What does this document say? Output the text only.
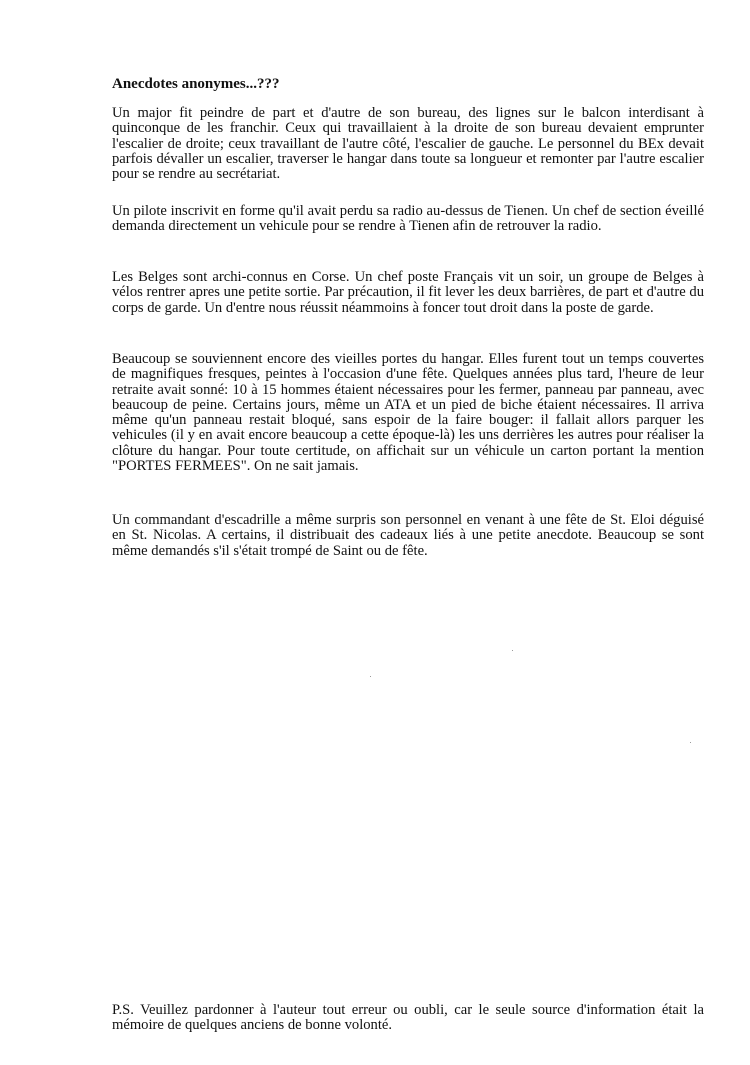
Anecdotes anonymes...???

Un major fit peindre de part et d'autre de son bureau, des lignes sur le balcon interdisant à quinconque de les franchir. Ceux qui travaillaient à la droite de son bureau devaient emprunter l'escalier de droite; ceux travaillant de l'autre côté, l'escalier de gauche. Le personnel du BEx devait parfois dévaller un escalier, traverser le hangar dans toute sa longueur et remonter par l'autre escalier pour se rendre au secrétariat.

Un pilote inscrivit en forme qu'il avait perdu sa radio au-dessus de Tienen. Un chef de section éveillé demanda directement un vehicule pour se rendre à Tienen afin de retrouver la radio.

Les Belges sont archi-connus en Corse. Un chef poste Français vit un soir, un groupe de Belges à vélos rentrer apres une petite sortie. Par précaution, il fit lever les deux barrières, de part et d'autre du corps de garde. Un d'entre nous réussit néammoins à foncer tout droit dans la poste de garde.

Beaucoup se souviennent encore des vieilles portes du hangar. Elles furent tout un temps couvertes de magnifiques fresques, peintes à l'occasion d'une fête. Quelques années plus tard, l'heure de leur retraite avait sonné: 10 à 15 hommes étaient nécessaires pour les fermer, panneau par panneau, avec beaucoup de peine. Certains jours, même un ATA et un pied de biche étaient nécessaires. Il arriva même qu'un panneau restait bloqué, sans espoir de la faire bouger: il fallait allors parquer les vehicules (il y en avait encore beaucoup a cette époque-là) les uns derrières les autres pour réaliser la clôture du hangar. Pour toute certitude, on affichait sur un véhicule un carton portant la mention "PORTES FERMEES". On ne sait jamais.

Un commandant d'escadrille a même surpris son personnel en venant à une fête de St. Eloi déguisé en St. Nicolas. A certains, il distribuait des cadeaux liés à une petite anecdote. Beaucoup se sont même demandés s'il s'était trompé de Saint ou de fête.

P.S. Veuillez pardonner à l'auteur tout erreur ou oubli, car le seule source d'information était la mémoire de quelques anciens de bonne volonté.
